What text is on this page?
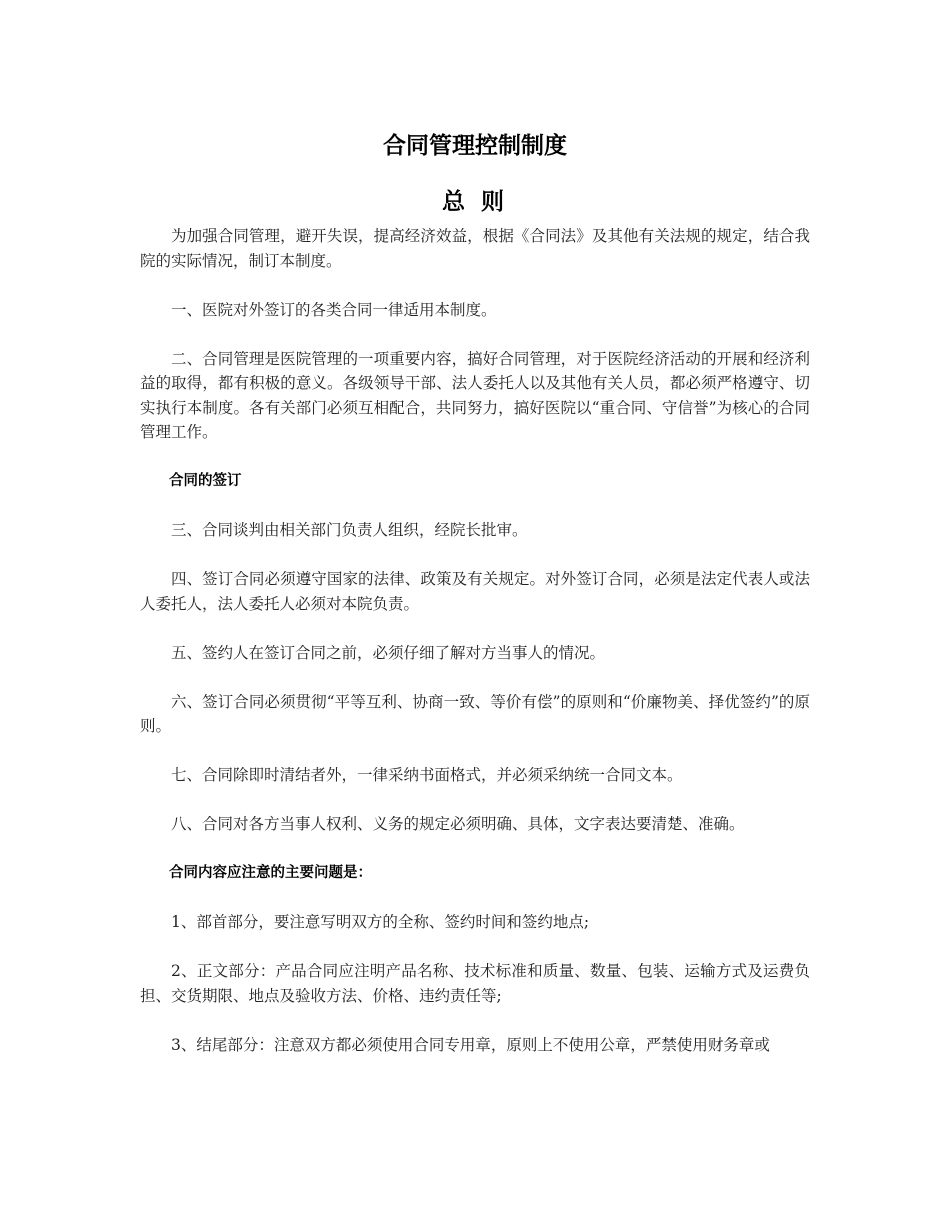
合同管理控制制度
总 则

为加强合同管理，避开失误，提高经济效益，根据《合同法》及其他有关法规的规定，结合我院的实际情况，制订本制度。

一、医院对外签订的各类合同一律适用本制度。

二、合同管理是医院管理的一项重要内容，搞好合同管理，对于医院经济活动的开展和经济利益的取得，都有积极的意义。各级领导干部、法人委托人以及其他有关人员，都必须严格遵守、切实执行本制度。各有关部门必须互相配合，共同努力，搞好医院以“重合同、守信誉”为核心的合同管理工作。

合同的签订

三、合同谈判由相关部门负责人组织，经院长批审。

四、签订合同必须遵守国家的法律、政策及有关规定。对外签订合同，必须是法定代表人或法人委托人，法人委托人必须对本院负责。

五、签约人在签订合同之前，必须仔细了解对方当事人的情况。

六、签订合同必须贯彻“平等互利、协商一致、等价有偿”的原则和“价廉物美、择优签约”的原则。

七、合同除即时清结者外，一律采纳书面格式，并必须采纳统一合同文本。

八、合同对各方当事人权利、义务的规定必须明确、具体，文字表达要清楚、准确。

合同内容应注意的主要问题是：

1、部首部分，要注意写明双方的全称、签约时间和签约地点;

2、正文部分：产品合同应注明产品名称、技术标准和质量、数量、包装、运输方式及运费负担、交货期限、地点及验收方法、价格、违约责任等;

3、结尾部分：注意双方都必须使用合同专用章，原则上不使用公章，严禁使用财务章或
